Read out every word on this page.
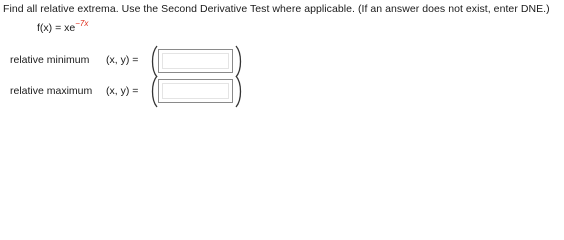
Find all relative extrema. Use the Second Derivative Test where applicable. (If an answer does not exist, enter DNE.)
$f(x) = xe^{-7x}$
relative minimum (x, y) =
relative maximum (x, y) =
